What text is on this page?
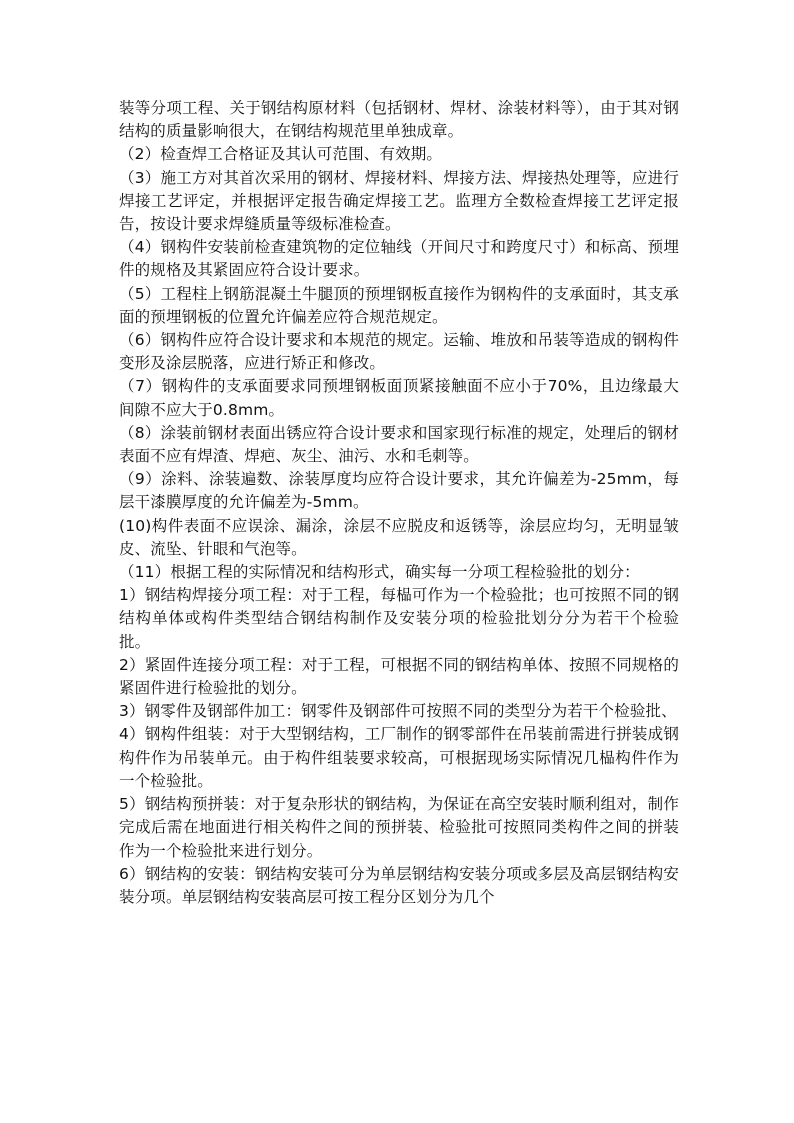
装等分项工程、关于钢结构原材料（包括钢材、焊材、涂装材料等），由于其对钢结构的质量影响很大，在钢结构规范里单独成章。

（2）检查焊工合格证及其认可范围、有效期。

（3）施工方对其首次采用的钢材、焊接材料、焊接方法、焊接热处理等，应进行焊接工艺评定，并根据评定报告确定焊接工艺。监理方全数检查焊接工艺评定报告，按设计要求焊缝质量等级标准检查。

（4）钢构件安装前检查建筑物的定位轴线（开间尺寸和跨度尺寸）和标高、预埋件的规格及其紧固应符合设计要求。

（5）工程柱上钢筋混凝土牛腿顶的预埋钢板直接作为钢构件的支承面时，其支承面的预埋钢板的位置允许偏差应符合规范规定。

（6）钢构件应符合设计要求和本规范的规定。运输、堆放和吊装等造成的钢构件变形及涂层脱落，应进行矫正和修改。

（7）钢构件的支承面要求同预埋钢板面顶紧接触面不应小于70%，且边缘最大间隙不应大于0.8mm。

（8）涂装前钢材表面出锈应符合设计要求和国家现行标准的规定，处理后的钢材表面不应有焊渣、焊疤、灰尘、油污、水和毛刺等。

（9）涂料、涂装遍数、涂装厚度均应符合设计要求，其允许偏差为-25mm，每层干漆膜厚度的允许偏差为-5mm。

(10)构件表面不应误涂、漏涂，涂层不应脱皮和返锈等，涂层应均匀，无明显皱皮、流坠、针眼和气泡等。

（11）根据工程的实际情况和结构形式，确实每一分项工程检验批的划分：

1）钢结构焊接分项工程：对于工程，每榀可作为一个检验批；也可按照不同的钢结构单体或构件类型结合钢结构制作及安装分项的检验批划分分为若干个检验批。

2）紧固件连接分项工程：对于工程，可根据不同的钢结构单体、按照不同规格的紧固件进行检验批的划分。

3）钢零件及钢部件加工：钢零件及钢部件可按照不同的类型分为若干个检验批、

4）钢构件组装：对于大型钢结构，工厂制作的钢零部件在吊装前需进行拼装成钢构件作为吊装单元。由于构件组装要求较高，可根据现场实际情况几榀构件作为一个检验批。

5）钢结构预拼装：对于复杂形状的钢结构，为保证在高空安装时顺利组对，制作完成后需在地面进行相关构件之间的预拼装、检验批可按照同类构件之间的拼装作为一个检验批来进行划分。

6）钢结构的安装：钢结构安装可分为单层钢结构安装分项或多层及高层钢结构安装分项。单层钢结构安装高层可按工程分区划分为几个
